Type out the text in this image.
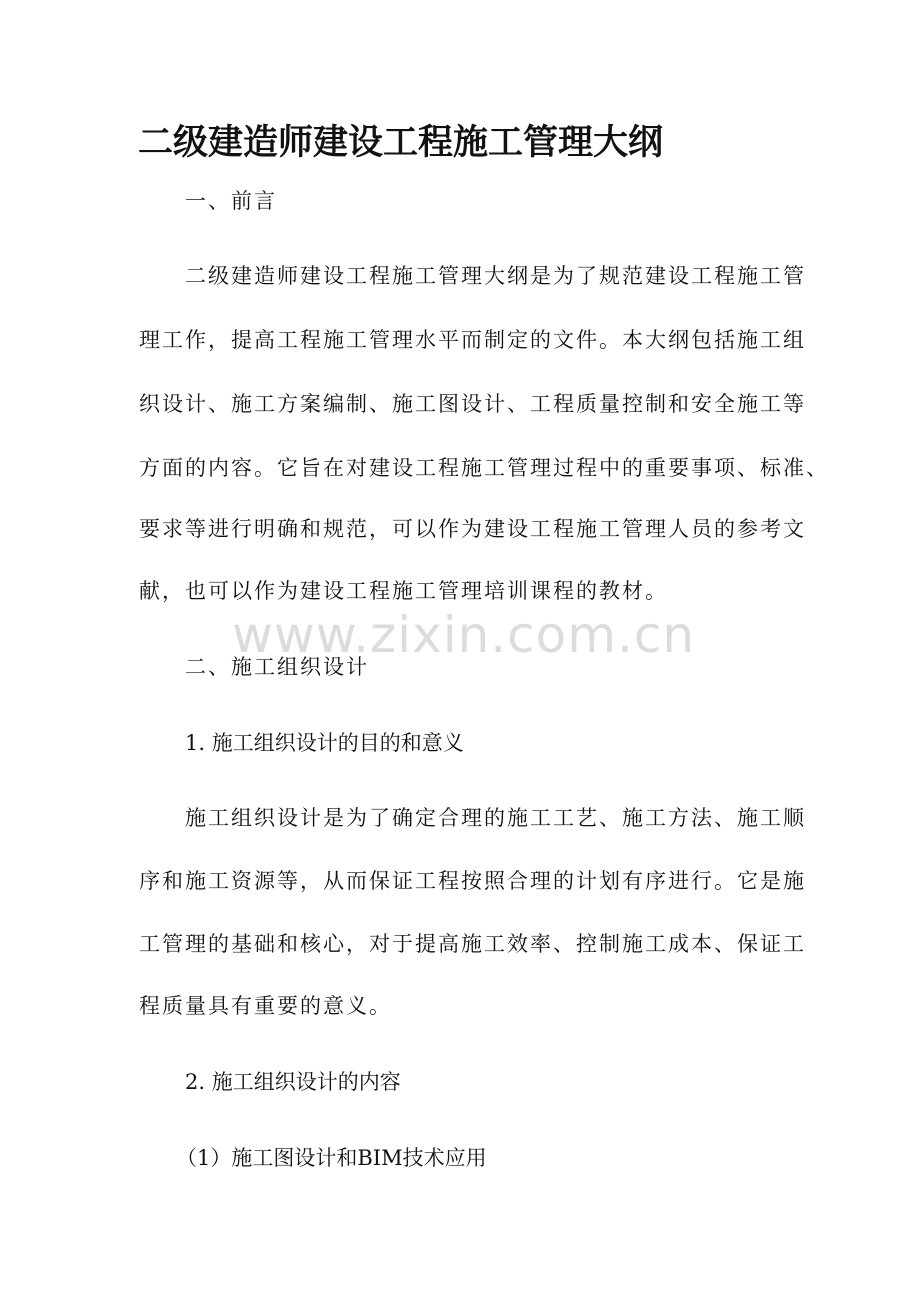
二级建造师建设工程施工管理大纲

一、前言

二级建造师建设工程施工管理大纲是为了规范建设工程施工管

理工作，提高工程施工管理水平而制定的文件。本大纲包括施工组

织设计、施工方案编制、施工图设计、工程质量控制和安全施工等

方面的内容。它旨在对建设工程施工管理过程中的重要事项、标准、

要求等进行明确和规范，可以作为建设工程施工管理人员的参考文

献，也可以作为建设工程施工管理培训课程的教材。

www.zixin.com.cn

二、施工组织设计

1. 施工组织设计的目的和意义

施工组织设计是为了确定合理的施工工艺、施工方法、施工顺

序和施工资源等，从而保证工程按照合理的计划有序进行。它是施

工管理的基础和核心，对于提高施工效率、控制施工成本、保证工

程质量具有重要的意义。

2. 施工组织设计的内容

（1）施工图设计和BIM技术应用
